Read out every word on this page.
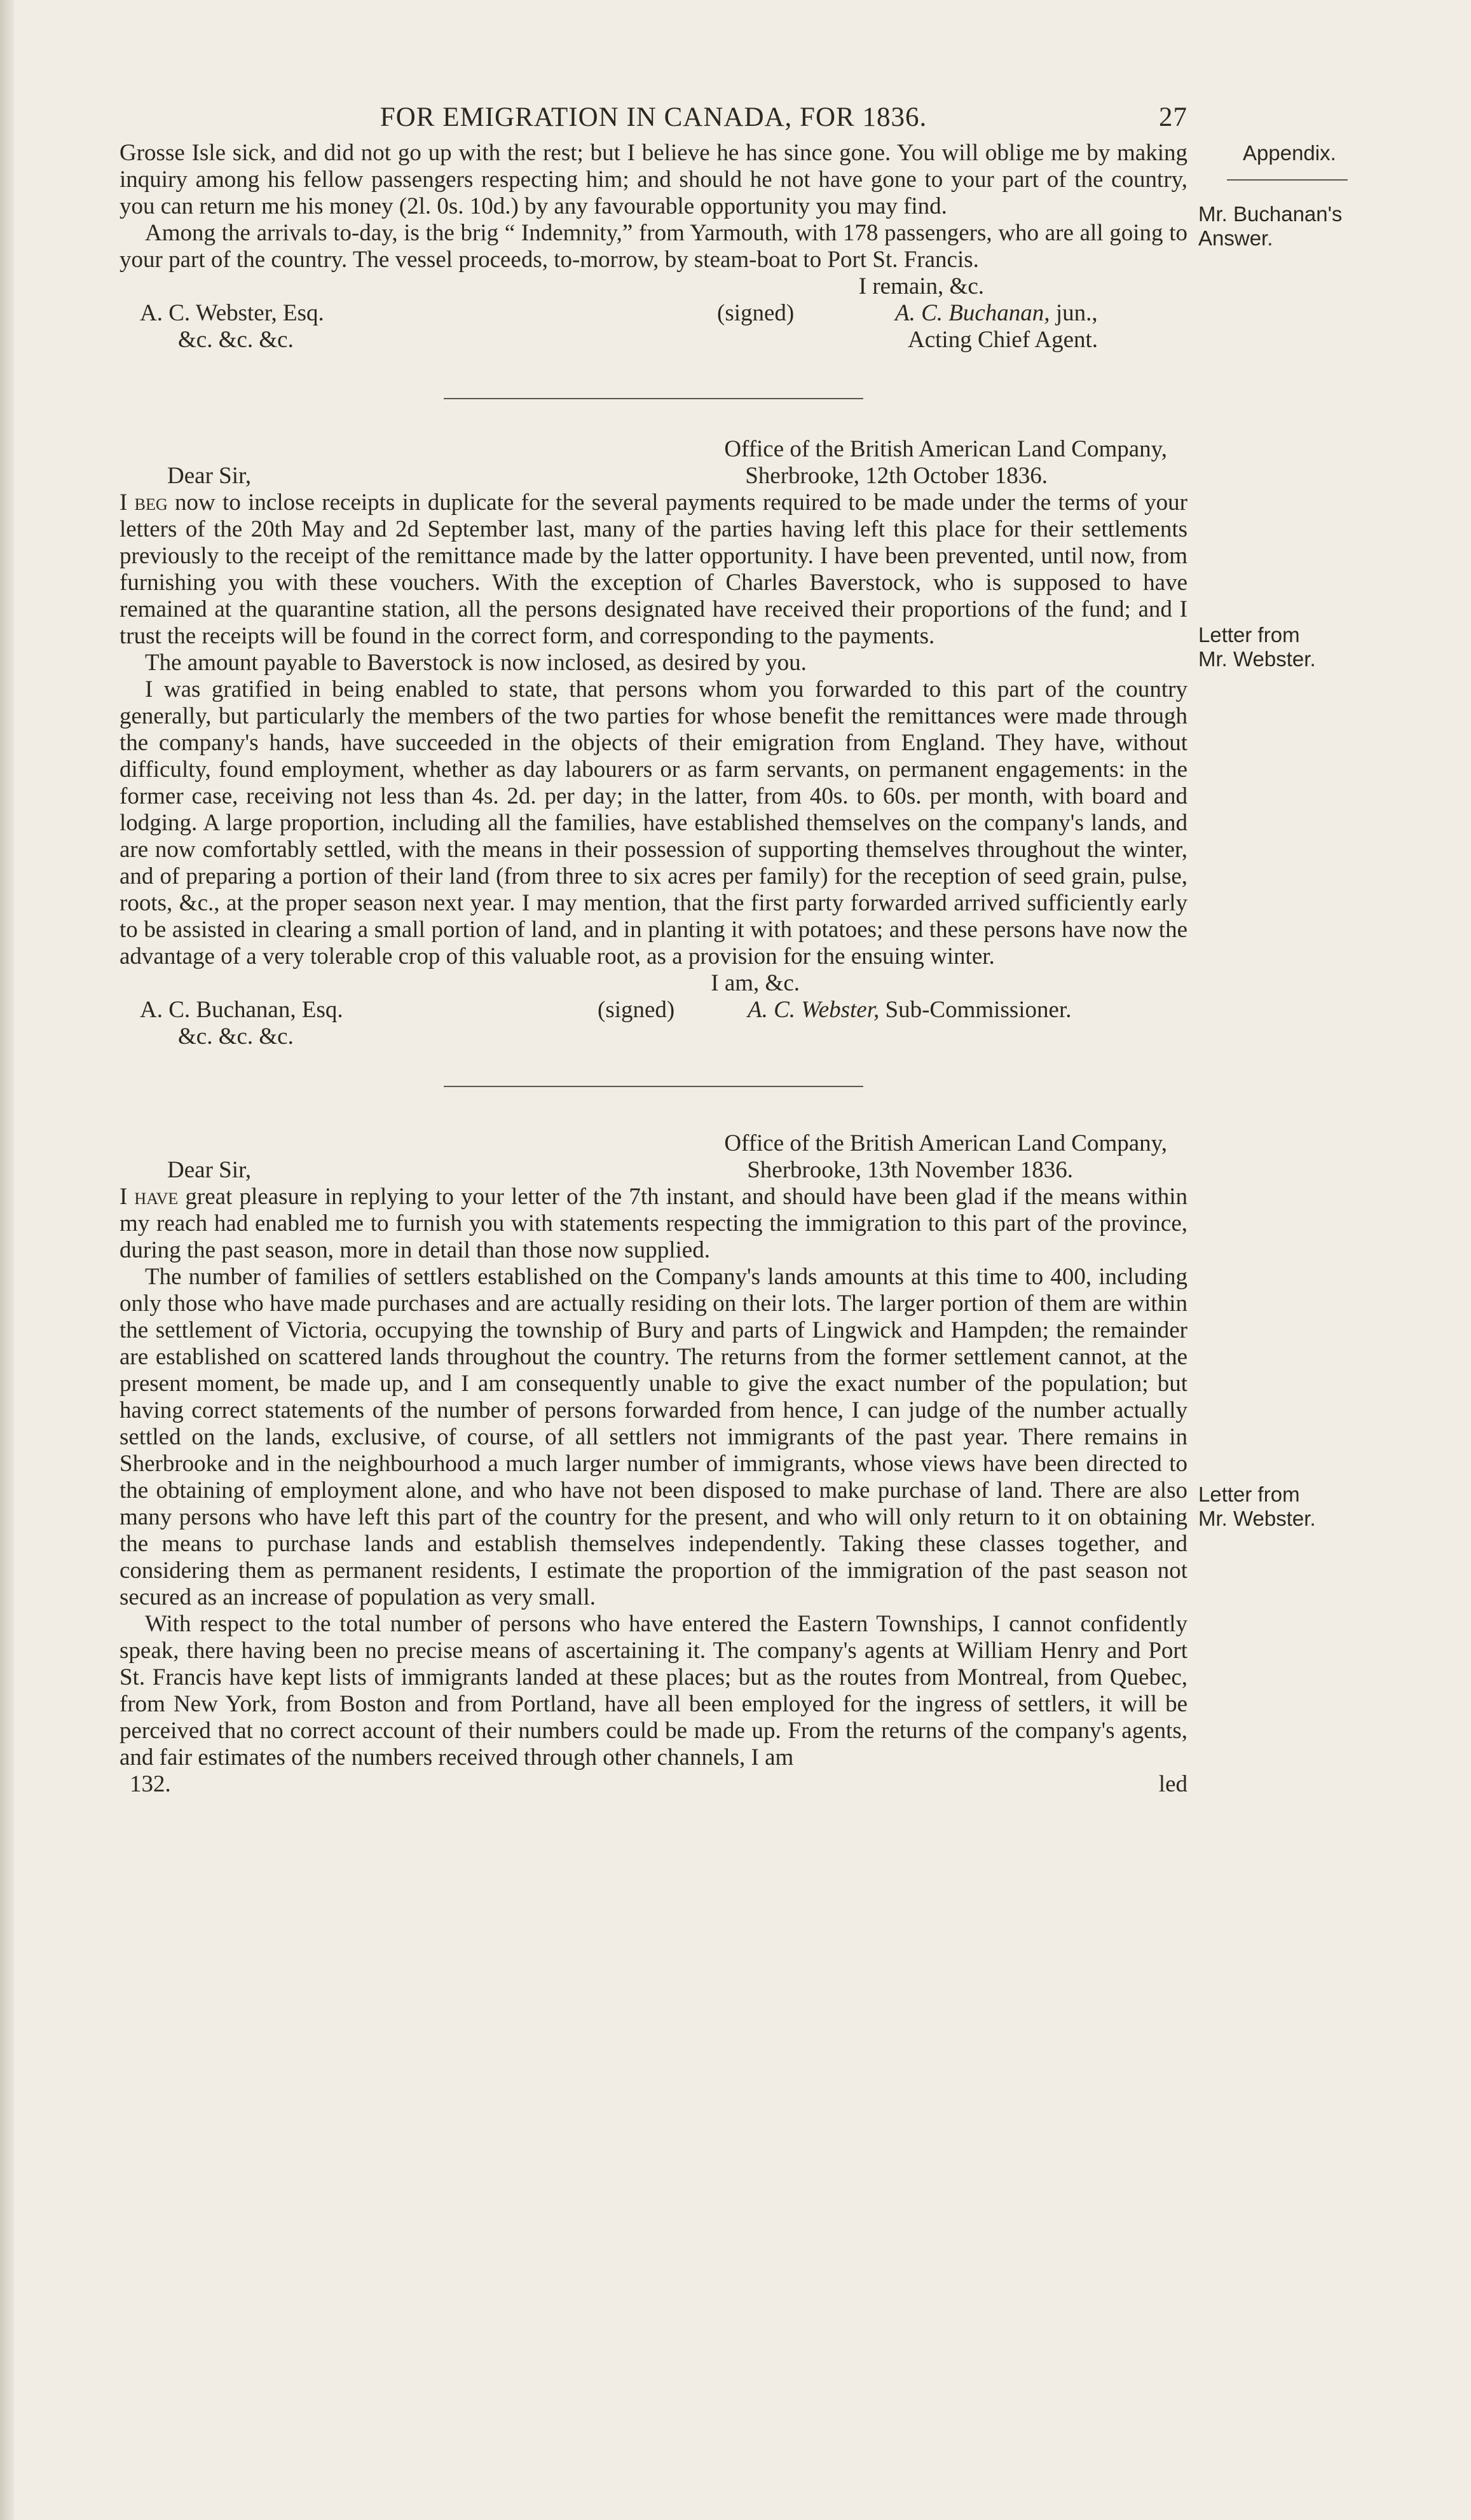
Appendix.
Mr. Buchanan's
Answer.
Letter from
Mr. Webster.
Letter from
Mr. Webster.
FOR EMIGRATION IN CANADA, FOR 1836.	27

Grosse Isle sick, and did not go up with the rest; but I believe he has since gone. You will oblige me by making inquiry among his fellow passengers respecting him; and should he not have gone to your part of the country, you can return me his money (2l. 0s. 10d.) by any favourable opportunity you may find.

Among the arrivals to-day, is the brig “ Indemnity,” from Yarmouth, with 178 passengers, who are all going to your part of the country. The vessel proceeds, to-morrow, by steam-boat to Port St. Francis.

I remain, &c.
A. C. Webster, Esq.
&c. &c. &c.
(signed)	A. C. Buchanan, jun.,
Acting Chief Agent.
Office of the British American Land Company,
Sherbrooke, 12th October 1836.
Dear Sir,

I beg now to inclose receipts in duplicate for the several payments required to be made under the terms of your letters of the 20th May and 2d September last, many of the parties having left this place for their settlements previously to the receipt of the remittance made by the latter opportunity. I have been prevented, until now, from furnishing you with these vouchers. With the exception of Charles Baverstock, who is supposed to have remained at the quarantine station, all the persons designated have received their proportions of the fund; and I trust the receipts will be found in the correct form, and corresponding to the payments.

The amount payable to Baverstock is now inclosed, as desired by you.

I was gratified in being enabled to state, that persons whom you forwarded to this part of the country generally, but particularly the members of the two parties for whose benefit the remittances were made through the company's hands, have succeeded in the objects of their emigration from England. They have, without difficulty, found employment, whether as day labourers or as farm servants, on permanent engagements: in the former case, receiving not less than 4s. 2d. per day; in the latter, from 40s. to 60s. per month, with board and lodging. A large proportion, including all the families, have established themselves on the company's lands, and are now comfortably settled, with the means in their possession of supporting themselves throughout the winter, and of preparing a portion of their land (from three to six acres per family) for the reception of seed grain, pulse, roots, &c., at the proper season next year. I may mention, that the first party forwarded arrived sufficiently early to be assisted in clearing a small portion of land, and in planting it with potatoes; and these persons have now the advantage of a very tolerable crop of this valuable root, as a provision for the ensuing winter.

I am, &c.
A. C. Buchanan, Esq.
&c. &c. &c.
(signed)	A. C. Webster, Sub-Commissioner.
Office of the British American Land Company,
Sherbrooke, 13th November 1836.
Dear Sir,

I have great pleasure in replying to your letter of the 7th instant, and should have been glad if the means within my reach had enabled me to furnish you with statements respecting the immigration to this part of the province, during the past season, more in detail than those now supplied.

The number of families of settlers established on the Company's lands amounts at this time to 400, including only those who have made purchases and are actually residing on their lots. The larger portion of them are within the settlement of Victoria, occupying the township of Bury and parts of Lingwick and Hampden; the remainder are established on scattered lands throughout the country. The returns from the former settlement cannot, at the present moment, be made up, and I am consequently unable to give the exact number of the population; but having correct statements of the number of persons forwarded from hence, I can judge of the number actually settled on the lands, exclusive, of course, of all settlers not immigrants of the past year. There remains in Sherbrooke and in the neighbourhood a much larger number of immigrants, whose views have been directed to the obtaining of employment alone, and who have not been disposed to make purchase of land. There are also many persons who have left this part of the country for the present, and who will only return to it on obtaining the means to purchase lands and establish themselves independently. Taking these classes together, and considering them as permanent residents, I estimate the proportion of the immigration of the past season not secured as an increase of population as very small.

With respect to the total number of persons who have entered the Eastern Townships, I cannot confidently speak, there having been no precise means of ascertaining it. The company's agents at William Henry and Port St. Francis have kept lists of immigrants landed at these places; but as the routes from Montreal, from Quebec, from New York, from Boston and from Portland, have all been employed for the ingress of settlers, it will be perceived that no correct account of their numbers could be made up. From the returns of the company's agents, and fair estimates of the numbers received through other channels, I am

132.	led
